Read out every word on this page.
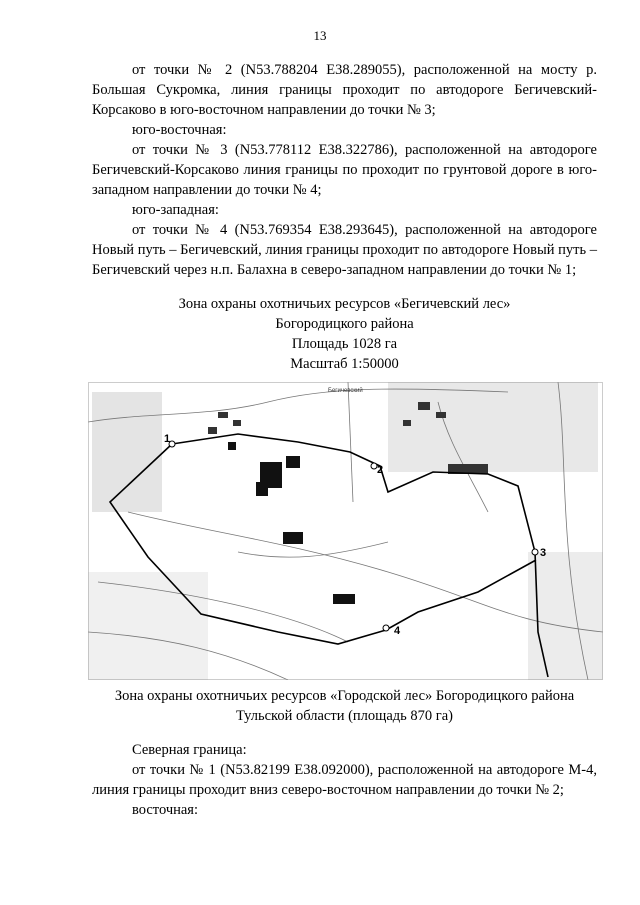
13

от точки № 2 (N53.788204 E38.289055), расположенной на мосту р. Большая Сукромка, линия границы проходит по автодороге Бегичевский-Корсаково в юго-восточном направлении до точки № 3;

юго-восточная:

от точки № 3 (N53.778112 E38.322786), расположенной на автодороге Бегичевский-Корсаково линия границы по проходит по грунтовой дороге в юго-западном направлении до точки № 4;

юго-западная:

от точки № 4 (N53.769354 E38.293645), расположенной на автодороге Новый путь – Бегичевский, линия границы проходит по автодороге Новый путь – Бегичевский через н.п. Балахна в северо-западном направлении до точки № 1;

Зона охраны охотничьих ресурсов «Бегичевский лес»
Богородицкого района
Площадь 1028 га
Масштаб 1:50000
1
2
3
4
Бегичевский
Зона охраны охотничьих ресурсов «Городской лес» Богородицкого района Тульской области (площадь 870 га)

Северная граница:

от точки № 1 (N53.82199 E38.092000), расположенной на автодороге М-4, линия границы проходит вниз северо-восточном направлении до точки № 2;

восточная:
